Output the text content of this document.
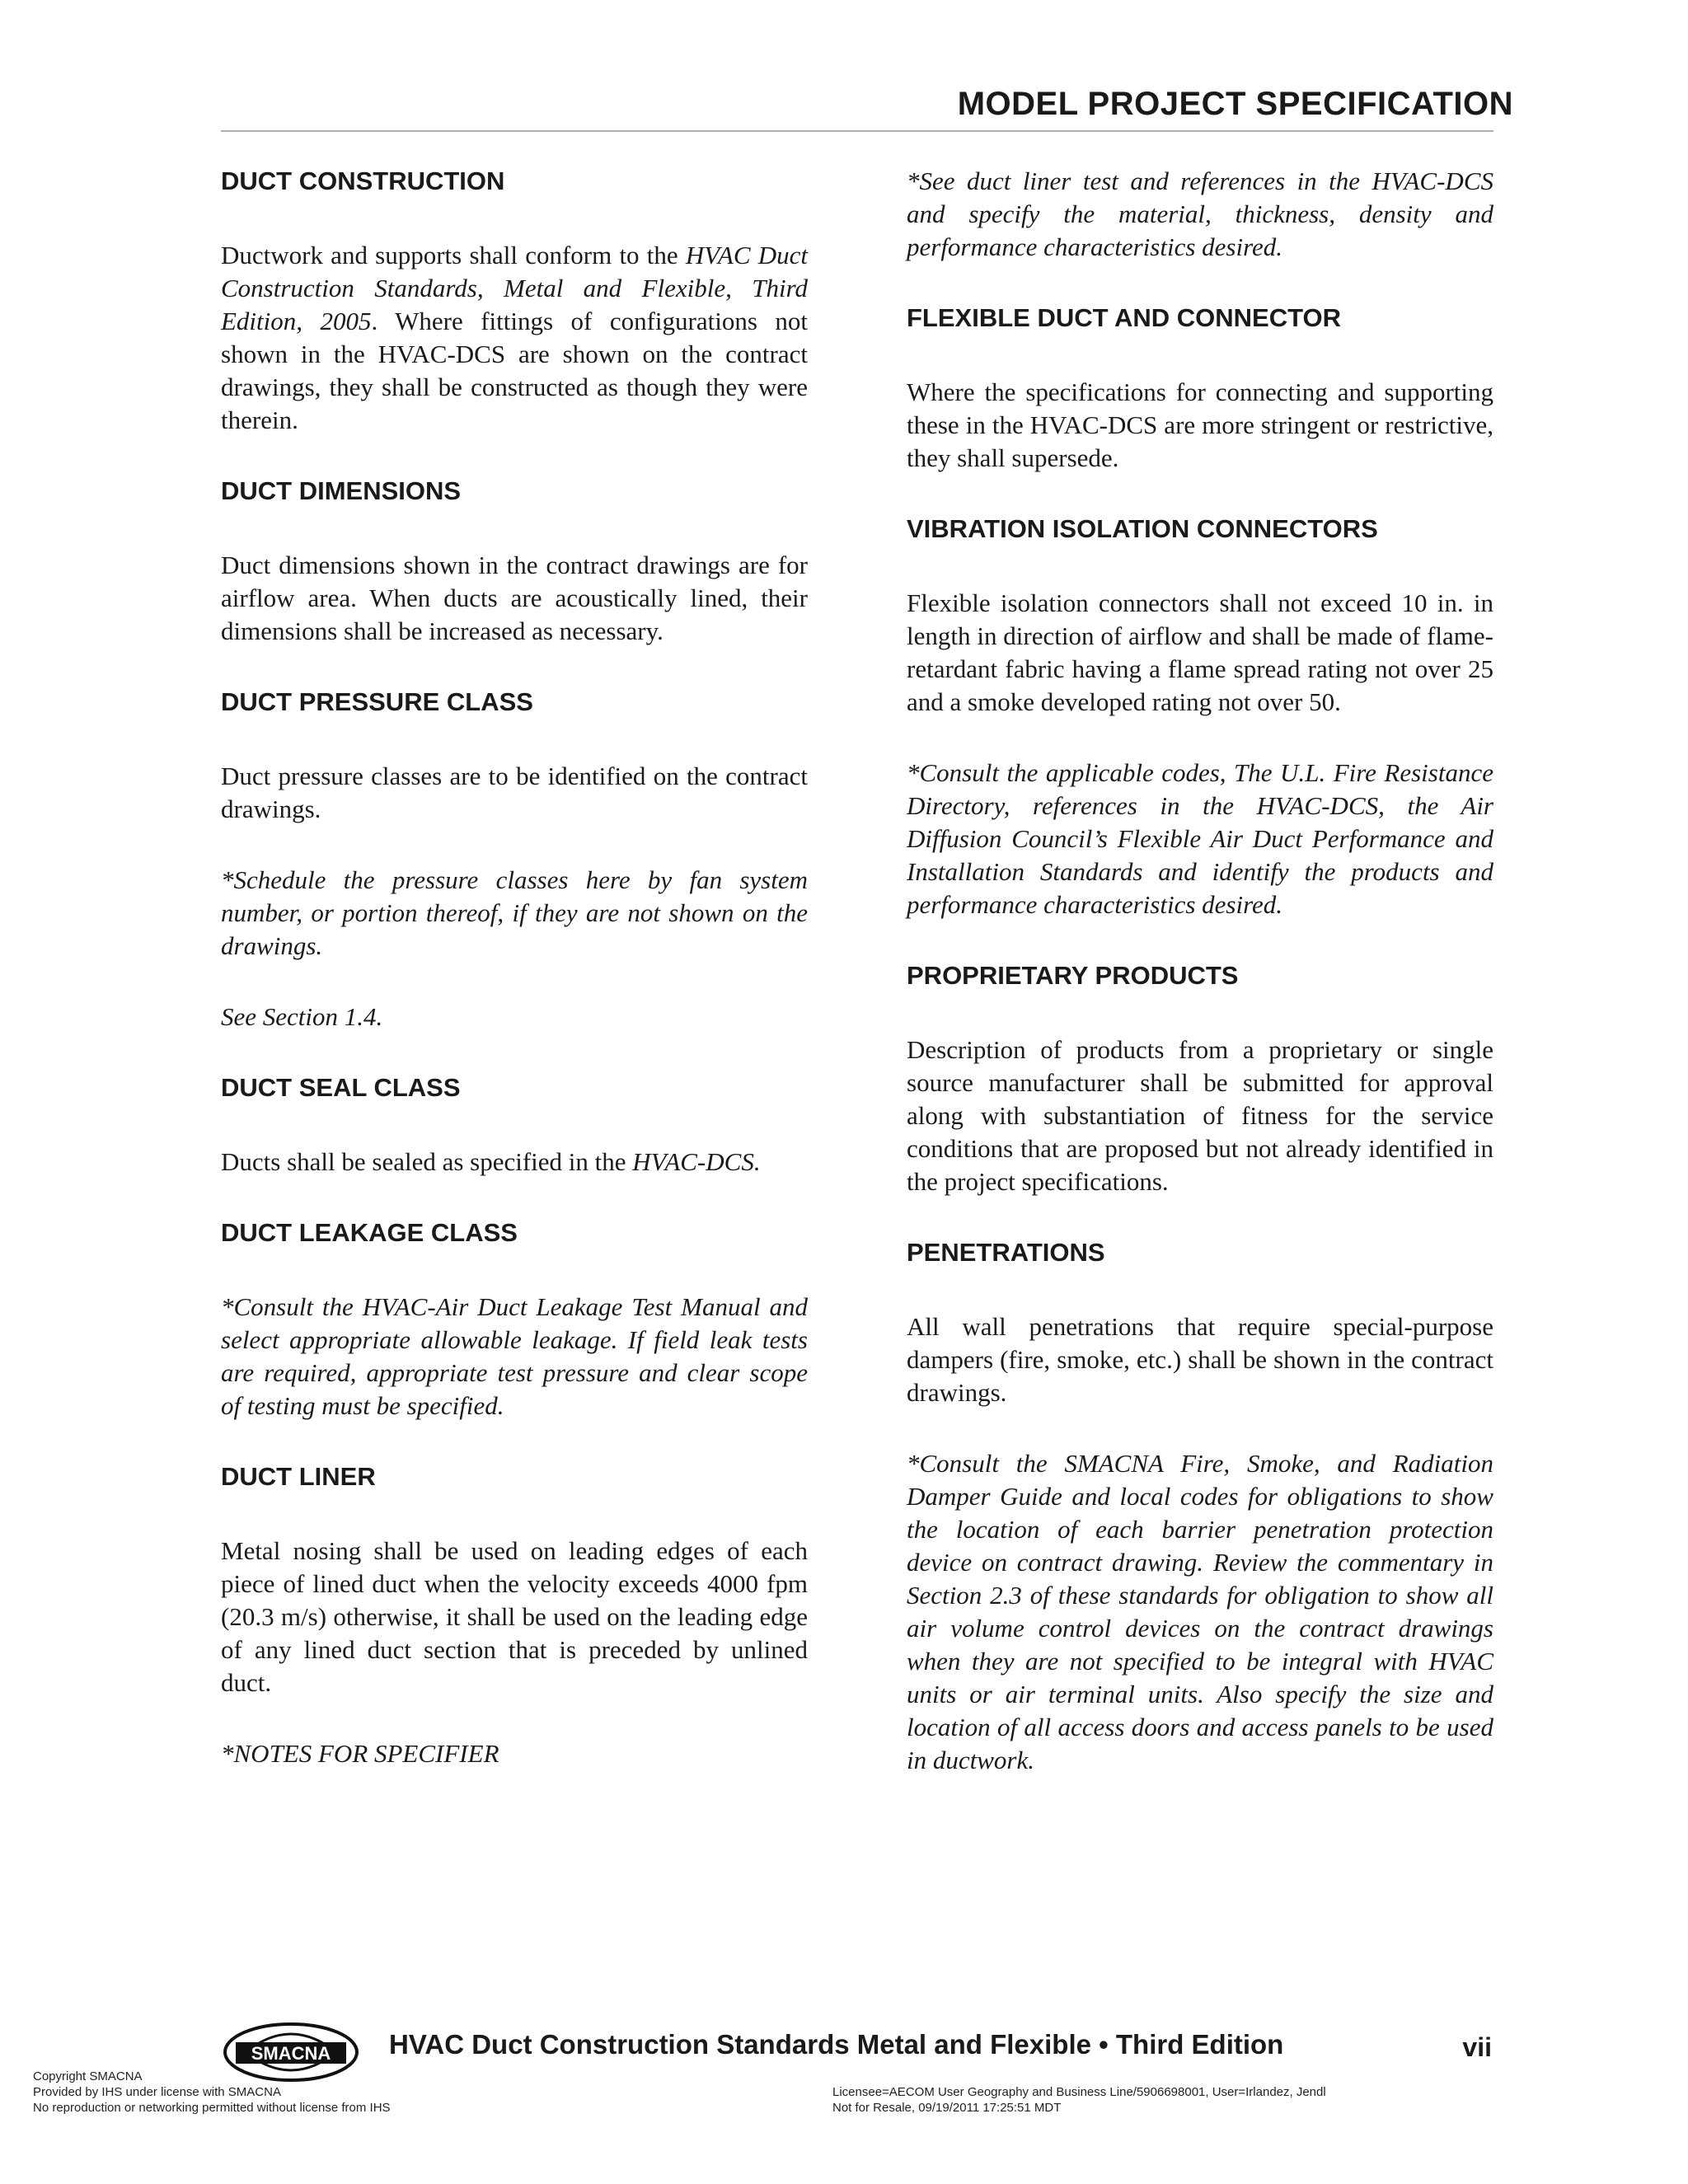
MODEL PROJECT SPECIFICATION
DUCT CONSTRUCTION

Ductwork and supports shall conform to the HVAC Duct Construction Standards, Metal and Flexible, Third Edition, 2005. Where fittings of configurations not shown in the HVAC-DCS are shown on the contract drawings, they shall be constructed as though they were therein.

DUCT DIMENSIONS

Duct dimensions shown in the contract drawings are for airflow area. When ducts are acoustically lined, their dimensions shall be increased as necessary.

DUCT PRESSURE CLASS

Duct pressure classes are to be identified on the contract drawings.

*Schedule the pressure classes here by fan system number, or portion thereof, if they are not shown on the drawings.

See Section 1.4.

DUCT SEAL CLASS

Ducts shall be sealed as specified in the HVAC-DCS.

DUCT LEAKAGE CLASS

*Consult the HVAC-Air Duct Leakage Test Manual and select appropriate allowable leakage. If field leak tests are required, appropriate test pressure and clear scope of testing must be specified.

DUCT LINER

Metal nosing shall be used on leading edges of each piece of lined duct when the velocity exceeds 4000 fpm (20.3 m/s) otherwise, it shall be used on the leading edge of any lined duct section that is preceded by unlined duct.

*NOTES FOR SPECIFIER

*See duct liner test and references in the HVAC-DCS and specify the material, thickness, density and performance characteristics desired.

FLEXIBLE DUCT AND CONNECTOR

Where the specifications for connecting and supporting these in the HVAC-DCS are more stringent or restrictive, they shall supersede.

VIBRATION ISOLATION CONNECTORS

Flexible isolation connectors shall not exceed 10 in. in length in direction of airflow and shall be made of flame-retardant fabric having a flame spread rating not over 25 and a smoke developed rating not over 50.

*Consult the applicable codes, The U.L. Fire Resistance Directory, references in the HVAC-DCS, the Air Diffusion Council’s Flexible Air Duct Performance and Installation Standards and identify the products and performance characteristics desired.

PROPRIETARY PRODUCTS

Description of products from a proprietary or single source manufacturer shall be submitted for approval along with substantiation of fitness for the service conditions that are proposed but not already identified in the project specifications.

PENETRATIONS

All wall penetrations that require special-purpose dampers (fire, smoke, etc.) shall be shown in the contract drawings.

*Consult the SMACNA Fire, Smoke, and Radiation Damper Guide and local codes for obligations to show the location of each barrier penetration protection device on contract drawing. Review the commentary in Section 2.3 of these standards for obligation to show all air volume control devices on the contract drawings when they are not specified to be integral with HVAC units or air terminal units. Also specify the size and location of all access doors and access panels to be used in ductwork.

SMACNA HVAC Duct Construction Standards Metal and Flexible • Third Edition	vii
Copyright SMACNA
Provided by IHS under license with SMACNA
No reproduction or networking permitted without license from IHS
Licensee=AECOM User Geography and Business Line/5906698001, User=Irlandez, Jendl
Not for Resale, 09/19/2011 17:25:51 MDT
